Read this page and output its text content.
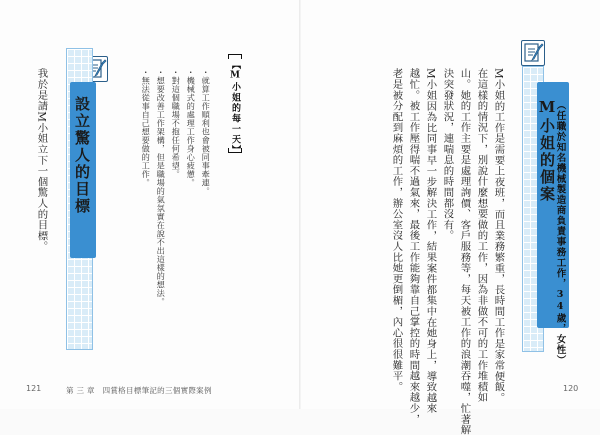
M小姐的個案
（任職於知名機械製造商負責事務工作，34歲，女性）
M小姐的工作是需要上夜班，而且業務繁重，長時間工作是家常便飯。
在這樣的情況下，別說什麼想要做的工作，因為非做不可的工作堆積如
山。她的工作主要是處理詢價、客戶服務等，每天被工作的浪潮吞噬，忙著解
決突發狀況，連喘息的時間都沒有。
M小姐因為比同事早一步解決工作，結果案件都集中在她身上，導致越來
越忙。被工作壓得喘不過氣來，最後工作能夠靠自己掌控的時間越來越少，
老是被分配到麻煩的工作，辦公室沒人比她更倒楣，內心很很難平。	120
【M小姐的每一天】
・就算工作順利也會被同事牽連。
・機械式的處理工作身心疲憊。
・對這個職場不抱任何希望。
・想要改善工作架構，但是職場的氣氛實在說不出這樣的想法。
・無法從事自己想要做的工作。
設立驚人的目標
我於是請M小姐立下一個驚人的目標。
121	第 三 章　四賞格目標筆記的三個實際案例
